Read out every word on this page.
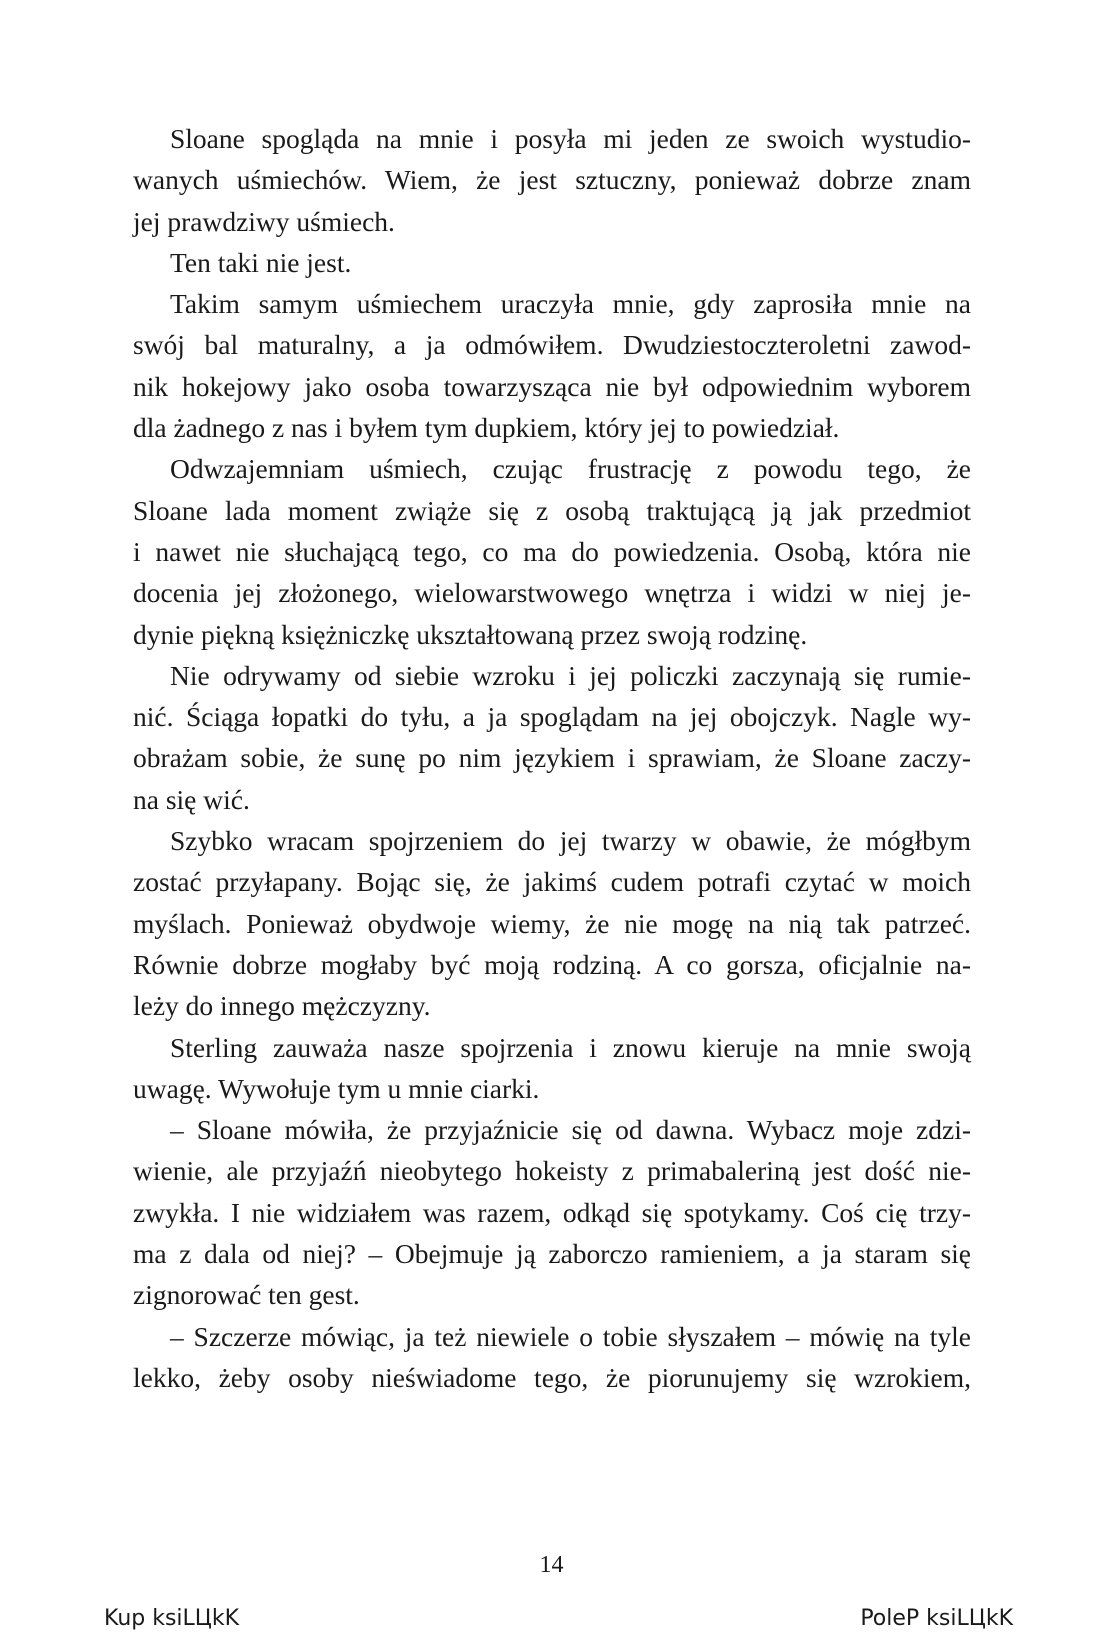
Sloane spogląda na mnie i posyła mi jeden ze swoich wystudio-
wanych uśmiechów. Wiem, że jest sztuczny, ponieważ dobrze znam
jej prawdziwy uśmiech.
Ten taki nie jest.
Takim samym uśmiechem uraczyła mnie, gdy zaprosiła mnie na
swój bal maturalny, a ja odmówiłem. Dwudziestoczteroletni zawod-
nik hokejowy jako osoba towarzysząca nie był odpowiednim wyborem
dla żadnego z nas i byłem tym dupkiem, który jej to powiedział.
Odwzajemniam uśmiech, czując frustrację z powodu tego, że
Sloane lada moment zwiąże się z osobą traktującą ją jak przedmiot
i nawet nie słuchającą tego, co ma do powiedzenia. Osobą, która nie
docenia jej złożonego, wielowarstwowego wnętrza i widzi w niej je-
dynie piękną księżniczkę ukształtowaną przez swoją rodzinę.
Nie odrywamy od siebie wzroku i jej policzki zaczynają się rumie-
nić. Ściąga łopatki do tyłu, a ja spoglądam na jej obojczyk. Nagle wy-
obrażam sobie, że sunę po nim językiem i sprawiam, że Sloane zaczy-
na się wić.
Szybko wracam spojrzeniem do jej twarzy w obawie, że mógłbym
zostać przyłapany. Bojąc się, że jakimś cudem potrafi czytać w moich
myślach. Ponieważ obydwoje wiemy, że nie mogę na nią tak patrzeć.
Równie dobrze mogłaby być moją rodziną. A co gorsza, oficjalnie na-
leży do innego mężczyzny.
Sterling zauważa nasze spojrzenia i znowu kieruje na mnie swoją
uwagę. Wywołuje tym u mnie ciarki.
– Sloane mówiła, że przyjaźnicie się od dawna. Wybacz moje zdzi-
wienie, ale przyjaźń nieobytego hokeisty z primabaleriną jest dość nie-
zwykła. I nie widziałem was razem, odkąd się spotykamy. Coś cię trzy-
ma z dala od niej? – Obejmuje ją zaborczo ramieniem, a ja staram się
zignorować ten gest.
– Szczerze mówiąc, ja też niewiele o tobie słyszałem – mówię na tyle
lekko, żeby osoby nieświadome tego, że piorunujemy się wzrokiem,
14
Kup ksiLЦkK	PoleP ksiLЦkK
